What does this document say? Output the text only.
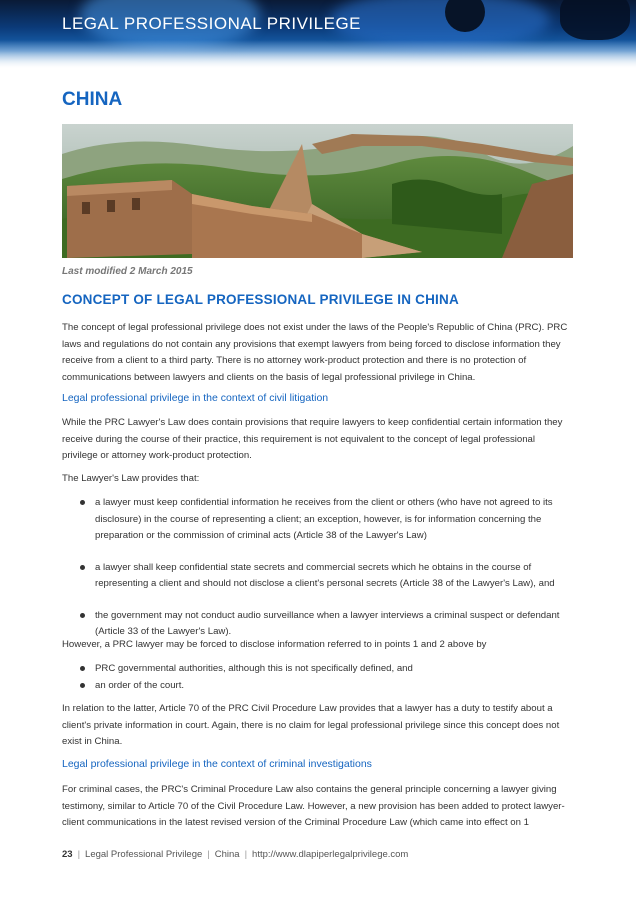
LEGAL PROFESSIONAL PRIVILEGE
CHINA
Last modified 2 March 2015
CONCEPT OF LEGAL PROFESSIONAL PRIVILEGE IN CHINA
The concept of legal professional privilege does not exist under the laws of the People's Republic of China (PRC). PRC laws and regulations do not contain any provisions that exempt lawyers from being forced to disclose information they receive from a client to a third party. There is no attorney work-product protection and there is no protection of communications between lawyers and clients on the basis of legal professional privilege in China.
Legal professional privilege in the context of civil litigation
While the PRC Lawyer's Law does contain provisions that require lawyers to keep confidential certain information they receive during the course of their practice, this requirement is not equivalent to the concept of legal professional privilege or attorney work-product protection.
The Lawyer's Law provides that:
a lawyer must keep confidential information he receives from the client or others (who have not agreed to its disclosure) in the course of representing a client; an exception, however, is for information concerning the preparation or the commission of criminal acts (Article 38 of the Lawyer's Law)
a lawyer shall keep confidential state secrets and commercial secrets which he obtains in the course of representing a client and should not disclose a client's personal secrets (Article 38 of the Lawyer's Law), and
the government may not conduct audio surveillance when a lawyer interviews a criminal suspect or defendant (Article 33 of the Lawyer's Law).
However, a PRC lawyer may be forced to disclose information referred to in points 1 and 2 above by
PRC governmental authorities, although this is not specifically defined, and
an order of the court.
In relation to the latter, Article 70 of the PRC Civil Procedure Law provides that a lawyer has a duty to testify about a client's private information in court. Again, there is no claim for legal professional privilege since this concept does not exist in China.
Legal professional privilege in the context of criminal investigations
For criminal cases, the PRC's Criminal Procedure Law also contains the general principle concerning a lawyer giving testimony, similar to Article 70 of the Civil Procedure Law. However, a new provision has been added to protect lawyer-client communications in the latest revised version of the Criminal Procedure Law (which came into effect on 1
23 | Legal Professional Privilege | China | http://www.dlapiperlegalprivilege.com
